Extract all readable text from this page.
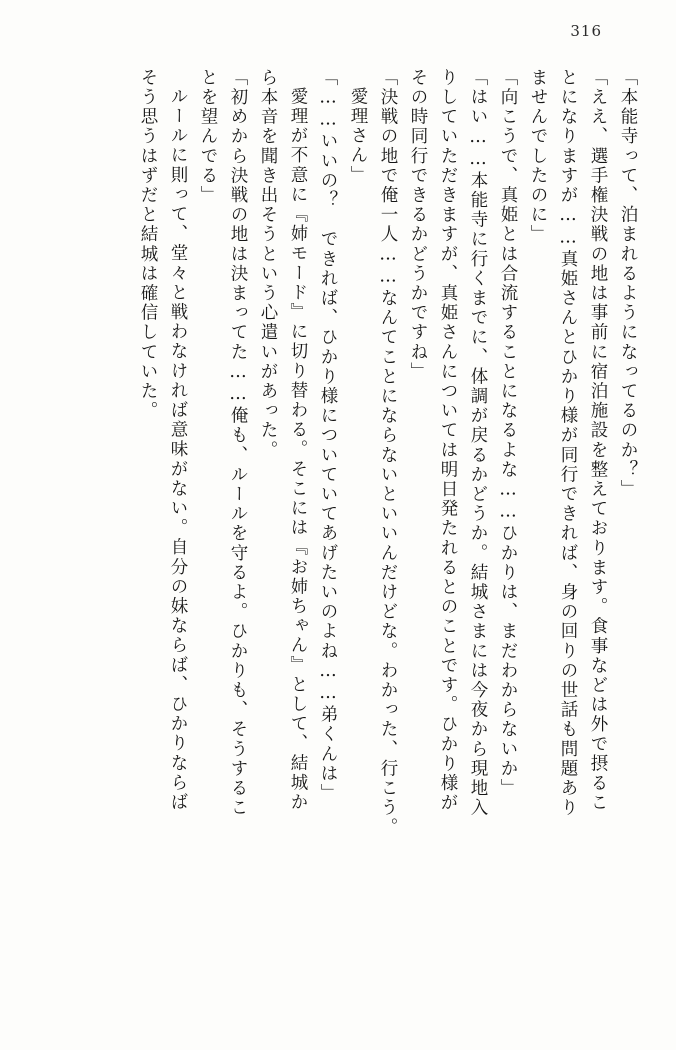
316
「本能寺って、泊まれるようになってるのか？」
「ええ、選手権決戦の地は事前に宿泊施設を整えております。食事などは外で摂るこ
とになりますが……真姫さんとひかり様が同行できれば、身の回りの世話も問題あり
ませんでしたのに」
「向こうで、真姫とは合流することになるよな……ひかりは、まだわからないか」
「はい……本能寺に行くまでに、体調が戻るかどうか。結城さまには今夜から現地入
りしていただきますが、真姫さんについては明日発たれるとのことです。ひかり様が
その時同行できるかどうかですね」
「決戦の地で俺一人……なんてことにならないといいんだけどな。わかった、行こう。
愛理さん」
「……いいの？　できれば、ひかり様についていてあげたいのよね……弟くんは」
愛理が不意に『姉モード』に切り替わる。そこには『お姉ちゃん』として、結城か
ら本音を聞き出そうという心遣いがあった。
「初めから決戦の地は決まってた……俺も、ルールを守るよ。ひかりも、そうするこ
とを望んでる」
ルールに則って、堂々と戦わなければ意味がない。自分の妹ならば、ひかりならば
そう思うはずだと結城は確信していた。
